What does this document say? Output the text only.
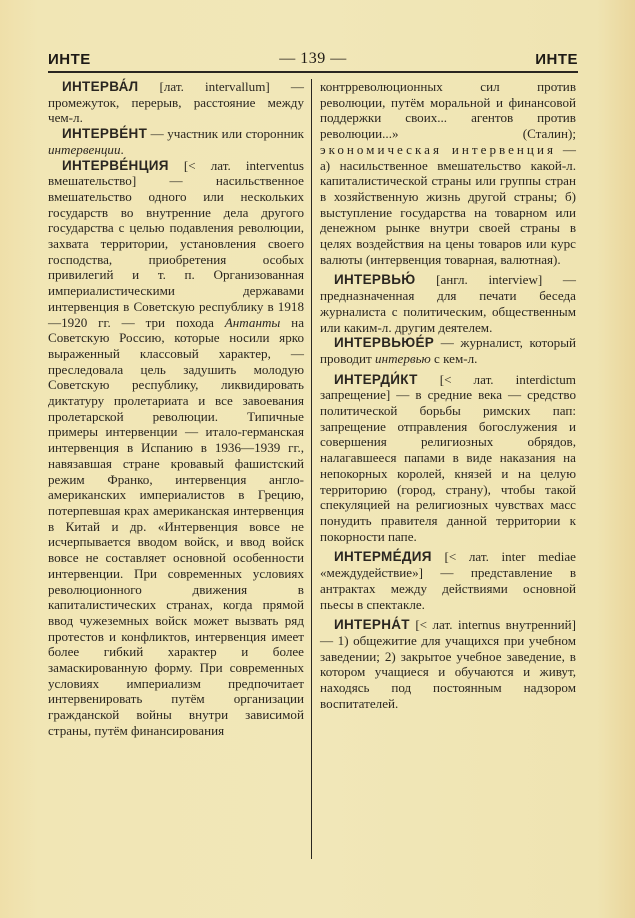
ИНТЕ	— 139 —	ИНТЕ

ИНТЕРВА́Л [лат. intervallum] — промежуток, перерыв, расстояние между чем-л.

ИНТЕРВЕ́НТ — участник или сторонник интервенции.

ИНТЕРВЕ́НЦИЯ [< лат. interventus вмешательство] — насильственное вмешательство одного или нескольких государств во внутренние дела другого государства с целью подавления революции, захвата территории, установления своего господства, приобретения особых привилегий и т. п. Организованная империалистическими державами интервенция в Советскую республику в 1918—1920 гг. — три похода Антанты на Советскую Россию, которые носили ярко выраженный классовый характер, — преследовала цель задушить молодую Советскую республику, ликвидировать диктатуру пролетариата и все завоевания пролетарской революции. Типичные примеры интервенции — итало-германская интервенция в Испанию в 1936—1939 гг., навязавшая стране кровавый фашистский режим Франко, интервенция англо-американских империалистов в Грецию, потерпевшая крах американская интервенция в Китай и др. «Интервенция вовсе не исчерпывается вводом войск, и ввод войск вовсе не составляет основной особенности интервенции. При современных условиях революционного движения в капиталистических странах, когда прямой ввод чужеземных войск может вызвать ряд протестов и конфликтов, интервенция имеет более гибкий характер и более замаскированную форму. При современных условиях империализм предпочитает интервенировать путём организации гражданской войны внутри зависимой страны, путём финансирования

контрреволюционных сил против революции, путём моральной и финансовой поддержки своих... агентов против революции...» (Сталин); экономическая интервенция — а) насильственное вмешательство какой-л. капиталистической страны или группы стран в хозяйственную жизнь другой страны; б) выступление государства на товарном или денежном рынке внутри своей страны в целях воздействия на цены товаров или курс валюты (интервенция товарная, валютная).

ИНТЕРВЬЮ́ [англ. interview] — предназначенная для печати беседа журналиста с политическим, общественным или каким-л. другим деятелем.

ИНТЕРВЬЮЕ́Р — журналист, который проводит интервью с кем-л.

ИНТЕРДИ́КТ [< лат. interdictum запрещение] — в средние века — средство политической борьбы римских пап: запрещение отправления богослужения и совершения религиозных обрядов, налагавшееся папами в виде наказания на непокорных королей, князей и на целую территорию (город, страну), чтобы такой спекуляцией на религиозных чувствах масс понудить правителя данной территории к покорности папе.

ИНТЕРМЕ́ДИЯ [< лат. inter mediae «междудействие»] — представление в антрактах между действиями основной пьесы в спектакле.

ИНТЕРНА́Т [< лат. internus внутренний] — 1) общежитие для учащихся при учебном заведении; 2) закрытое учебное заведение, в котором учащиеся и обучаются и живут, находясь под постоянным надзором воспитателей.
